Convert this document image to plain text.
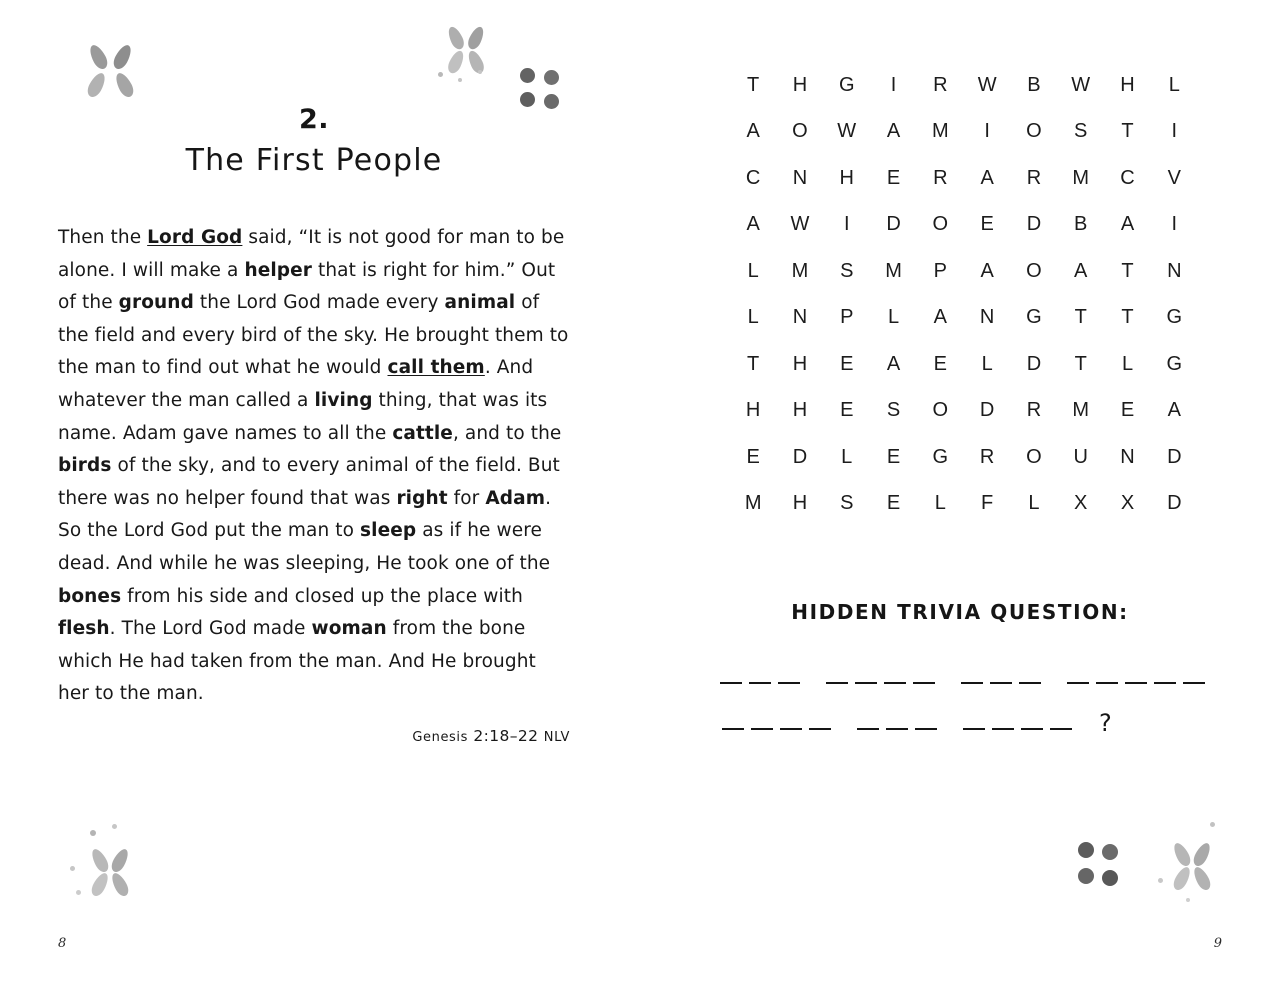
2.
The First People

Then the Lord God said, “It is not good for man to be alone. I will make a helper that is right for him.” Out of the ground the Lord God made every animal of the field and every bird of the sky. He brought them to the man to find out what he would call them. And whatever the man called a living thing, that was its name. Adam gave names to all the cattle, and to the birds of the sky, and to every animal of the field. But there was no helper found that was right for Adam. So the Lord God put the man to sleep as if he were dead. And while he was sleeping, He took one of the bones from his side and closed up the place with flesh. The Lord God made woman from the bone which He had taken from the man. And He brought her to the man.

Genesis 2:18–22 NLV
8
T	H	G	I	R	W	B	W	H	L
A	O	W	A	M	I	O	S	T	I
C	N	H	E	R	A	R	M	C	V
A	W	I	D	O	E	D	B	A	I
L	M	S	M	P	A	O	A	T	N
L	N	P	L	A	N	G	T	T	G
T	H	E	A	E	L	D	T	L	G
H	H	E	S	O	D	R	M	E	A
E	D	L	E	G	R	O	U	N	D
M	H	S	E	L	F	L	X	X	D
HIDDEN TRIVIA QUESTION:
?
9
